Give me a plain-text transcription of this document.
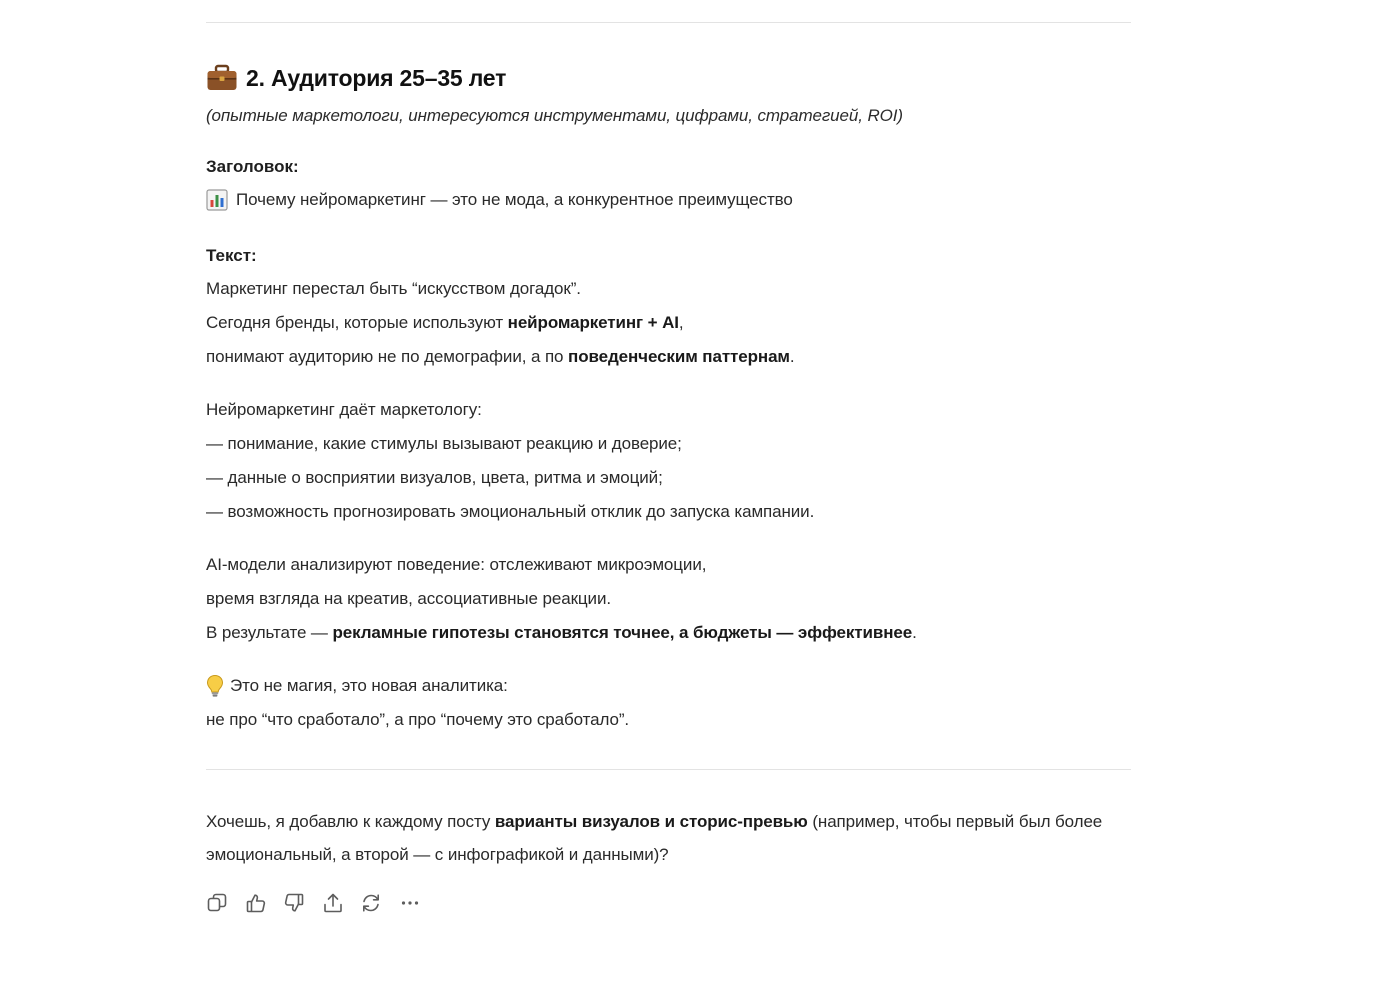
2. Аудитория 25–35 лет
(опытные маркетологи, интересуются инструментами, цифрами, стратегией, ROI)
Заголовок:
Почему нейромаркетинг — это не мода, а конкурентное преимущество
Текст:
Маркетинг перестал быть “искусством догадок”.
Сегодня бренды, которые используют нейромаркетинг + AI,
понимают аудиторию не по демографии, а по поведенческим паттернам.
Нейромаркетинг даёт маркетологу:
— понимание, какие стимулы вызывают реакцию и доверие;
— данные о восприятии визуалов, цвета, ритма и эмоций;
— возможность прогнозировать эмоциональный отклик до запуска кампании.
AI-модели анализируют поведение: отслеживают микроэмоции,
время взгляда на креатив, ассоциативные реакции.
В результате — рекламные гипотезы становятся точнее, а бюджеты — эффективнее.
Это не магия, это новая аналитика:
не про “что сработало”, а про “почему это сработало”.
Хочешь, я добавлю к каждому посту варианты визуалов и сторис-превью (например, чтобы первый был более эмоциональный, а второй — с инфографикой и данными)?
